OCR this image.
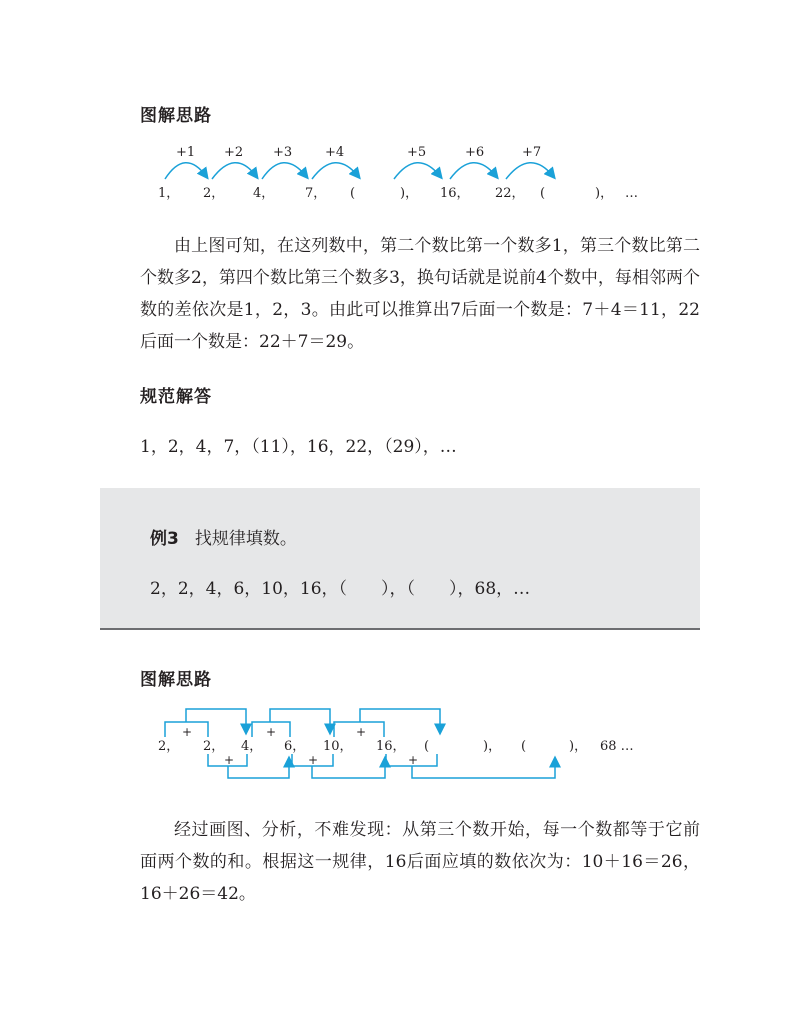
图解思路
+1 +2 +3	+4	+5	+6	+7
1， 2， 4， 7， (	)， 16， 22， (	)， …

由上图可知，在这列数中，第二个数比第一个数多1，第三个数比第二个数多2，第四个数比第三个数多3，换句话就是说前4个数中，每相邻两个数的差依次是1，2，3。由此可以推算出7后面一个数是：7＋4＝11，22后面一个数是：22＋7＝29。

规范解答
1，2，4，7，（11），16，22，（29），…
例3 找规律填数。
2，2，4，6，10，16，（　　），（　　），68，…
图解思路
+	+	+
+	+	+
2， 2， 4， 6， 10， 16， (	)， (	)， 68 …

经过画图、分析，不难发现：从第三个数开始，每一个数都等于它前面两个数的和。根据这一规律，16后面应填的数依次为：10＋16＝26，16＋26＝42。
